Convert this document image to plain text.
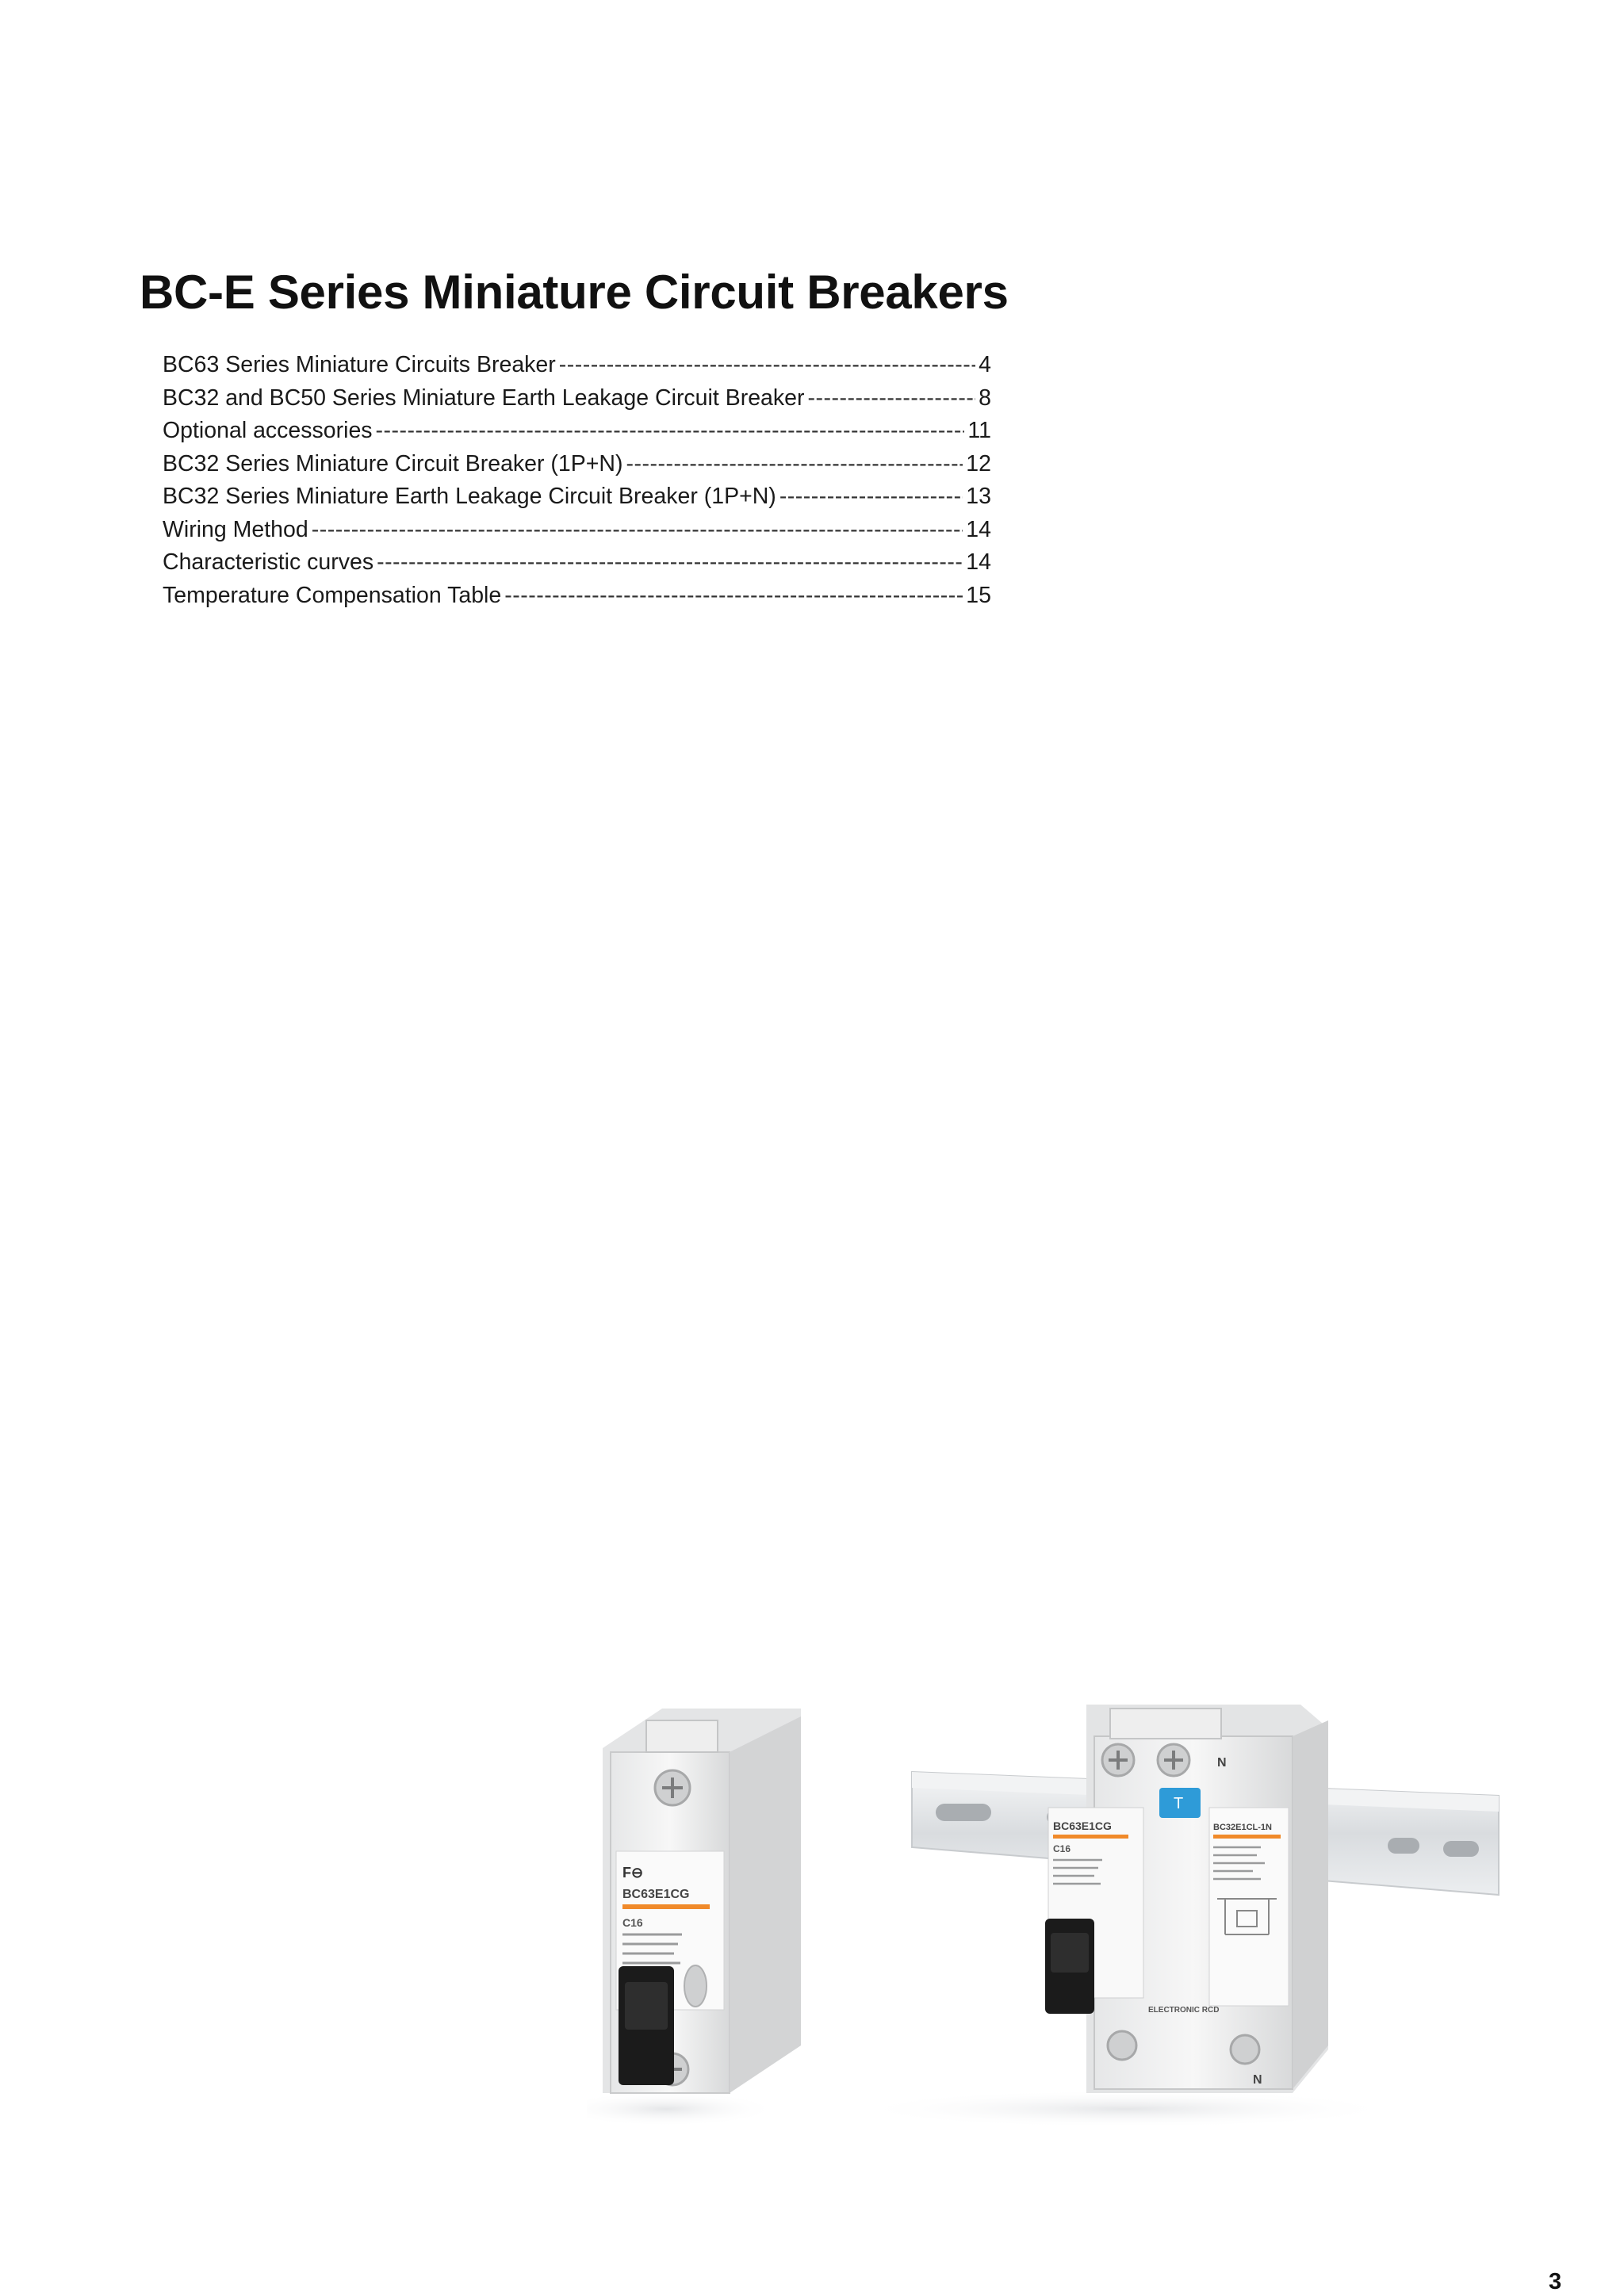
BC-E Series Miniature Circuit Breakers
BC63 Series Miniature Circuits Breaker -----	4
BC32 and BC50 Series Miniature Earth Leakage Circuit Breaker -----	8
Optional accessories -----	11
BC32 Series Miniature Circuit Breaker (1P+N) -----	12
BC32 Series Miniature Earth Leakage Circuit Breaker (1P+N) -----	13
Wiring Method -----	14
Characteristic curves -----	14
Temperature Compensation Table -----	15
F⊖
BC63E1CG
C16
N
N
BC63E1CG
C16
T
BC32E1CL-1N
ELECTRONIC RCD
3
